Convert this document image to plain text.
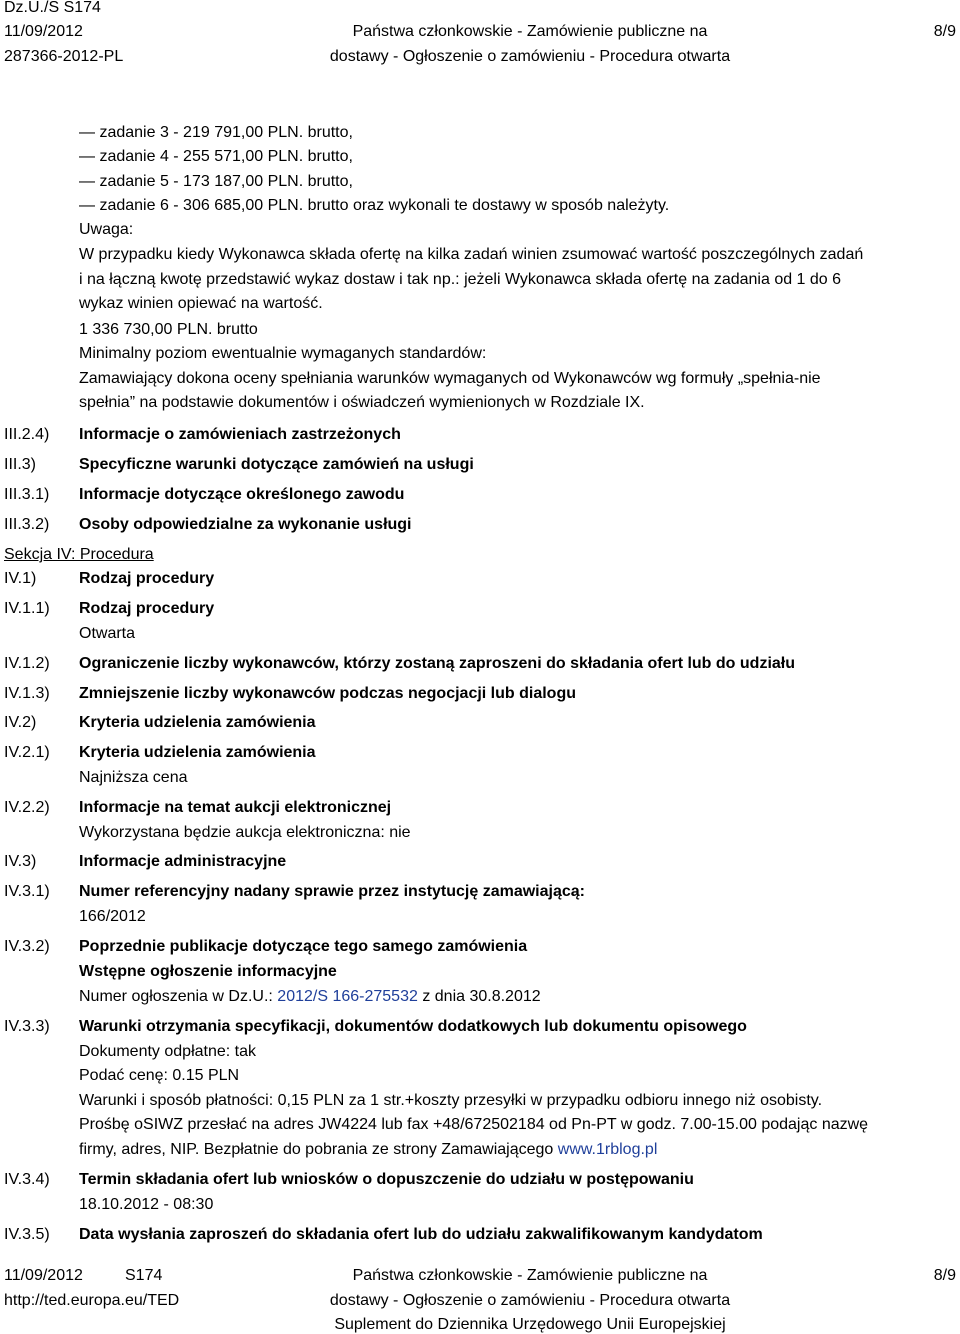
Dz.U./S S174
11/09/2012
287366-2012-PL
Państwa członkowskie - Zamówienie publiczne na
dostawy - Ogłoszenie o zamówieniu - Procedura otwarta
8/9
— zadanie 3 - 219 791,00 PLN. brutto,
— zadanie 4 - 255 571,00 PLN. brutto,
— zadanie 5 - 173 187,00 PLN. brutto,
— zadanie 6 - 306 685,00 PLN. brutto oraz wykonali te dostawy w sposób należyty.
Uwaga:
W przypadku kiedy Wykonawca składa ofertę na kilka zadań winien zsumować wartość poszczególnych zadań
i na łączną kwotę przedstawić wykaz dostaw i tak np.: jeżeli Wykonawca składa ofertę na zadania od 1 do 6
wykaz winien opiewać na wartość.
1 336 730,00 PLN. brutto
Minimalny poziom ewentualnie wymaganych standardów:
Zamawiający dokona oceny spełniania warunków wymaganych od Wykonawców wg formuły „spełnia-nie
spełnia” na podstawie dokumentów i oświadczeń wymienionych w Rozdziale IX.
III.2.4) Informacje o zamówieniach zastrzeżonych
III.3)	Specyficzne warunki dotyczące zamówień na usługi
III.3.1) Informacje dotyczące określonego zawodu
III.3.2) Osoby odpowiedzialne za wykonanie usługi
Sekcja IV: Procedura
IV.1)	Rodzaj procedury
IV.1.1) Rodzaj procedury
Otwarta
IV.1.2) Ograniczenie liczby wykonawców, którzy zostaną zaproszeni do składania ofert lub do udziału
IV.1.3) Zmniejszenie liczby wykonawców podczas negocjacji lub dialogu
IV.2)	Kryteria udzielenia zamówienia
IV.2.1) Kryteria udzielenia zamówienia
Najniższa cena
IV.2.2) Informacje na temat aukcji elektronicznej
Wykorzystana będzie aukcja elektroniczna: nie
IV.3)	Informacje administracyjne
IV.3.1) Numer referencyjny nadany sprawie przez instytucję zamawiającą:
166/2012
IV.3.2) Poprzednie publikacje dotyczące tego samego zamówienia
Wstępne ogłoszenie informacyjne
Numer ogłoszenia w Dz.U.: 2012/S 166-275532 z dnia 30.8.2012
IV.3.3) Warunki otrzymania specyfikacji, dokumentów dodatkowych lub dokumentu opisowego
Dokumenty odpłatne: tak
Podać cenę: 0.15 PLN
Warunki i sposób płatności: 0,15 PLN za 1 str.+koszty przesyłki w przypadku odbioru innego niż osobisty.
Prośbę oSIWZ przesłać na adres JW4224 lub fax +48/672502184 od Pn-PT w godz. 7.00-15.00 podając nazwę
firmy, adres, NIP. Bezpłatnie do pobrania ze strony Zamawiającego www.1rblog.pl
IV.3.4) Termin składania ofert lub wniosków o dopuszczenie do udziału w postępowaniu
18.10.2012 - 08:30
IV.3.5) Data wysłania zaproszeń do składania ofert lub do udziału zakwalifikowanym kandydatom
11/09/2012	S174
http://ted.europa.eu/TED
Państwa członkowskie - Zamówienie publiczne na
dostawy - Ogłoszenie o zamówieniu - Procedura otwarta
Suplement do Dziennika Urzędowego Unii Europejskiej
8/9
